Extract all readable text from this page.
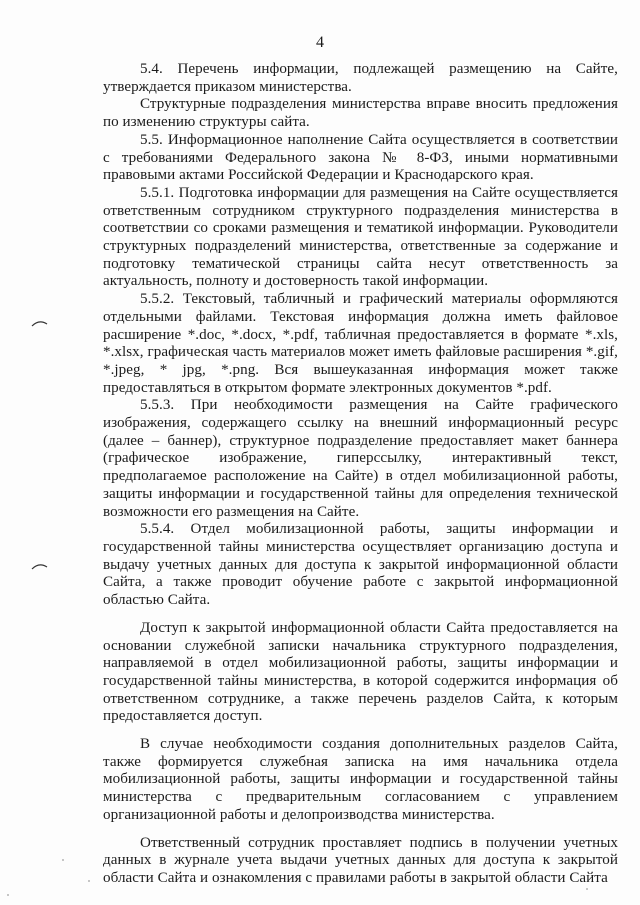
4

5.4. Перечень информации, подлежащей размещению на Сайте, утверждается приказом министерства.

Структурные подразделения министерства вправе вносить предложения по изменению структуры сайта.

5.5. Информационное наполнение Сайта осуществляется в соответствии с требованиями Федерального закона № 8-ФЗ, иными нормативными правовыми актами Российской Федерации и Краснодарского края.

5.5.1. Подготовка информации для размещения на Сайте осуществляется ответственным сотрудником структурного подразделения министерства в соответствии со сроками размещения и тематикой информации. Руководители структурных подразделений министерства, ответственные за содержание и подготовку тематической страницы сайта несут ответственность за актуальность, полноту и достоверность такой информации.

5.5.2. Текстовый, табличный и графический материалы оформляются отдельными файлами. Текстовая информация должна иметь файловое расширение *.doc, *.docx, *.pdf, табличная предоставляется в формате *.xls, *.xlsx, графическая часть материалов может иметь файловые расширения *.gif, *.jpeg, * jpg, *.png. Вся вышеуказанная информация может также предоставляться в открытом формате электронных документов *.pdf.

5.5.3. При необходимости размещения на Сайте графического изображения, содержащего ссылку на внешний информационный ресурс (далее – баннер), структурное подразделение предоставляет макет баннера (графическое изображение, гиперссылку, интерактивный текст, предполагаемое расположение на Сайте) в отдел мобилизационной работы, защиты информации и государственной тайны для определения технической возможности его размещения на Сайте.

5.5.4. Отдел мобилизационной работы, защиты информации и государственной тайны министерства осуществляет организацию доступа и выдачу учетных данных для доступа к закрытой информационной области Сайта, а также проводит обучение работе с закрытой информационной областью Сайта.

Доступ к закрытой информационной области Сайта предоставляется на основании служебной записки начальника структурного подразделения, направляемой в отдел мобилизационной работы, защиты информации и государственной тайны министерства, в которой содержится информация об ответственном сотруднике, а также перечень разделов Сайта, к которым предоставляется доступ.

В случае необходимости создания дополнительных разделов Сайта, также формируется служебная записка на имя начальника отдела мобилизационной работы, защиты информации и государственной тайны министерства с предварительным согласованием с управлением организационной работы и делопроизводства министерства.

Ответственный сотрудник проставляет подпись в получении учетных данных в журнале учета выдачи учетных данных для доступа к закрытой области Сайта и ознакомления с правилами работы в закрытой области Сайта
